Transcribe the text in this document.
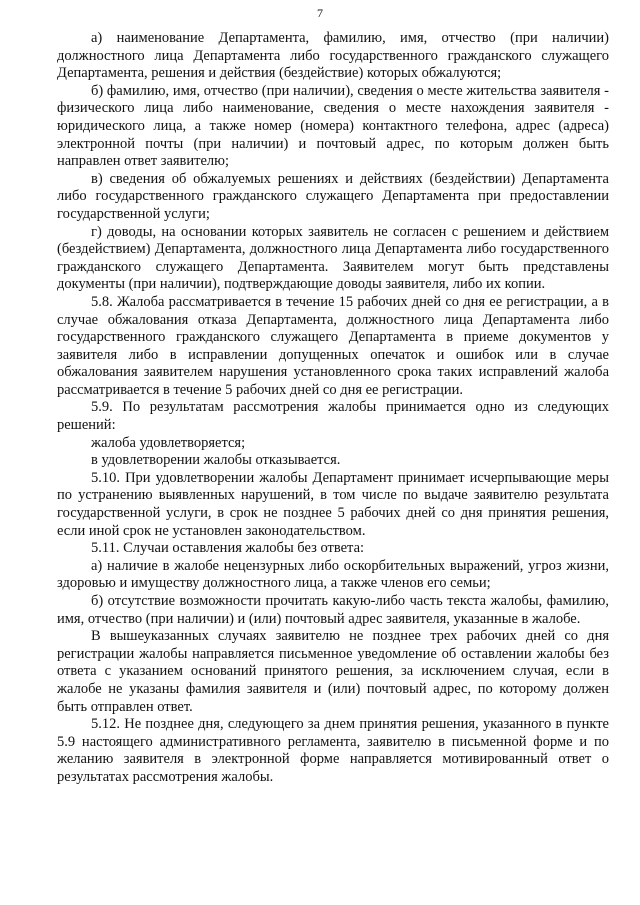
7

а) наименование Департамента, фамилию, имя, отчество (при наличии) должностного лица Департамента либо государственного гражданского служащего Департамента, решения и действия (бездействие) которых обжалуются;

б) фамилию, имя, отчество (при наличии), сведения о месте жительства заявителя - физического лица либо наименование, сведения о месте нахождения заявителя - юридического лица, а также номер (номера) контактного телефона, адрес (адреса) электронной почты (при наличии) и почтовый адрес, по которым должен быть направлен ответ заявителю;

в) сведения об обжалуемых решениях и действиях (бездействии) Департамента либо государственного гражданского служащего Департамента при предоставлении государственной услуги;

г) доводы, на основании которых заявитель не согласен с решением и действием (бездействием) Департамента, должностного лица Департамента либо государственного гражданского служащего Департамента. Заявителем могут быть представлены документы (при наличии), подтверждающие доводы заявителя, либо их копии.

5.8. Жалоба рассматривается в течение 15 рабочих дней со дня ее регистрации, а в случае обжалования отказа Департамента, должностного лица Департамента либо государственного гражданского служащего Департамента в приеме документов у заявителя либо в исправлении допущенных опечаток и ошибок или в случае обжалования заявителем нарушения установленного срока таких исправлений жалоба рассматривается в течение 5 рабочих дней со дня ее регистрации.

5.9. По результатам рассмотрения жалобы принимается одно из следующих решений:

жалоба удовлетворяется;

в удовлетворении жалобы отказывается.

5.10. При удовлетворении жалобы Департамент принимает исчерпывающие меры по устранению выявленных нарушений, в том числе по выдаче заявителю результата государственной услуги, в срок не позднее 5 рабочих дней со дня принятия решения, если иной срок не установлен законодательством.

5.11. Случаи оставления жалобы без ответа:

а) наличие в жалобе нецензурных либо оскорбительных выражений, угроз жизни, здоровью и имуществу должностного лица, а также членов его семьи;

б) отсутствие возможности прочитать какую-либо часть текста жалобы, фамилию, имя, отчество (при наличии) и (или) почтовый адрес заявителя, указанные в жалобе.

В вышеуказанных случаях заявителю не позднее трех рабочих дней со дня регистрации жалобы направляется письменное уведомление об оставлении жалобы без ответа с указанием оснований принятого решения, за исключением случая, если в жалобе не указаны фамилия заявителя и (или) почтовый адрес, по которому должен быть отправлен ответ.

5.12. Не позднее дня, следующего за днем принятия решения, указанного в пункте 5.9 настоящего административного регламента, заявителю в письменной форме и по желанию заявителя в электронной форме направляется мотивированный ответ о результатах рассмотрения жалобы.
